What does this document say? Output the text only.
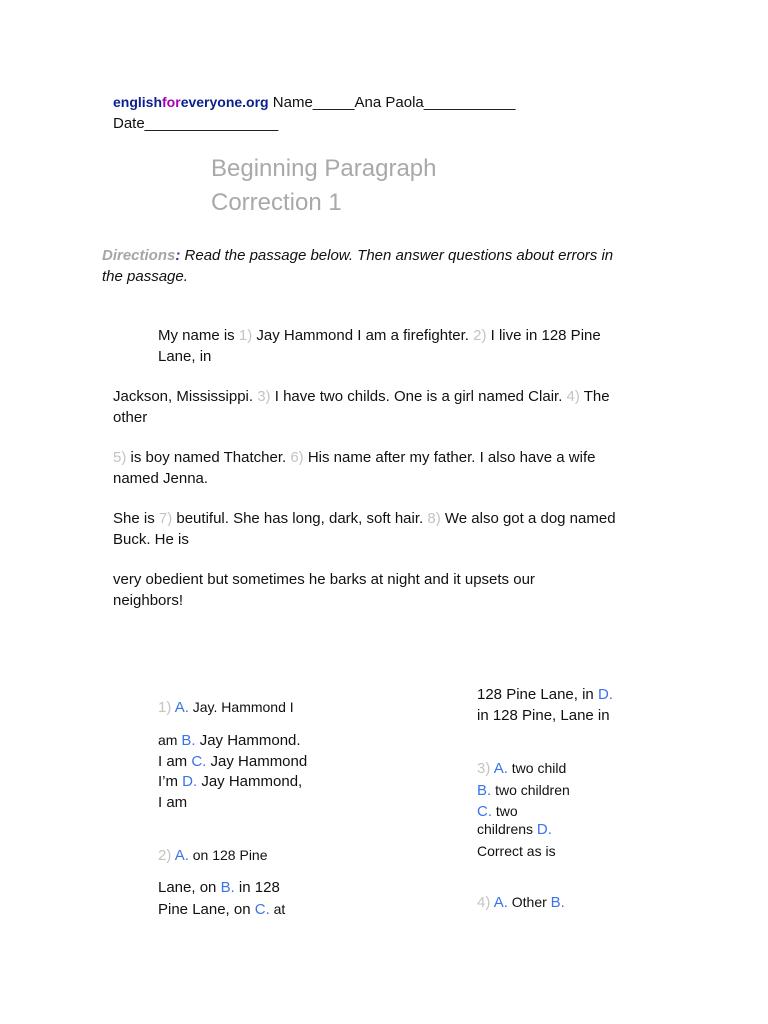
englishforeveryone.org Name_____Ana Paola___________
Date________________
Beginning Paragraph
Correction 1
Directions: Read the passage below. Then answer questions about errors in the passage.
My name is 1) Jay Hammond I am a firefighter. 2) I live in 128 Pine Lane, in
Jackson, Mississippi. 3) I have two childs. One is a girl named Clair. 4) The other
5) is boy named Thatcher. 6) His name after my father. I also have a wife named Jenna.
She is 7) beutiful. She has long, dark, soft hair. 8) We also got a dog named Buck. He is
very obedient but sometimes he barks at night and it upsets our neighbors!
1) A. Jay. Hammond I
am B. Jay Hammond. I am C. Jay Hammond I’m D. Jay Hammond, I am
2) A. on 128 Pine
Lane, on B. in 128 Pine Lane, on C. at
128 Pine Lane, in D. in 128 Pine, Lane in
3) A. two child
B. two children
C. two

childrens D.
Correct as is
4) A. Other B.
